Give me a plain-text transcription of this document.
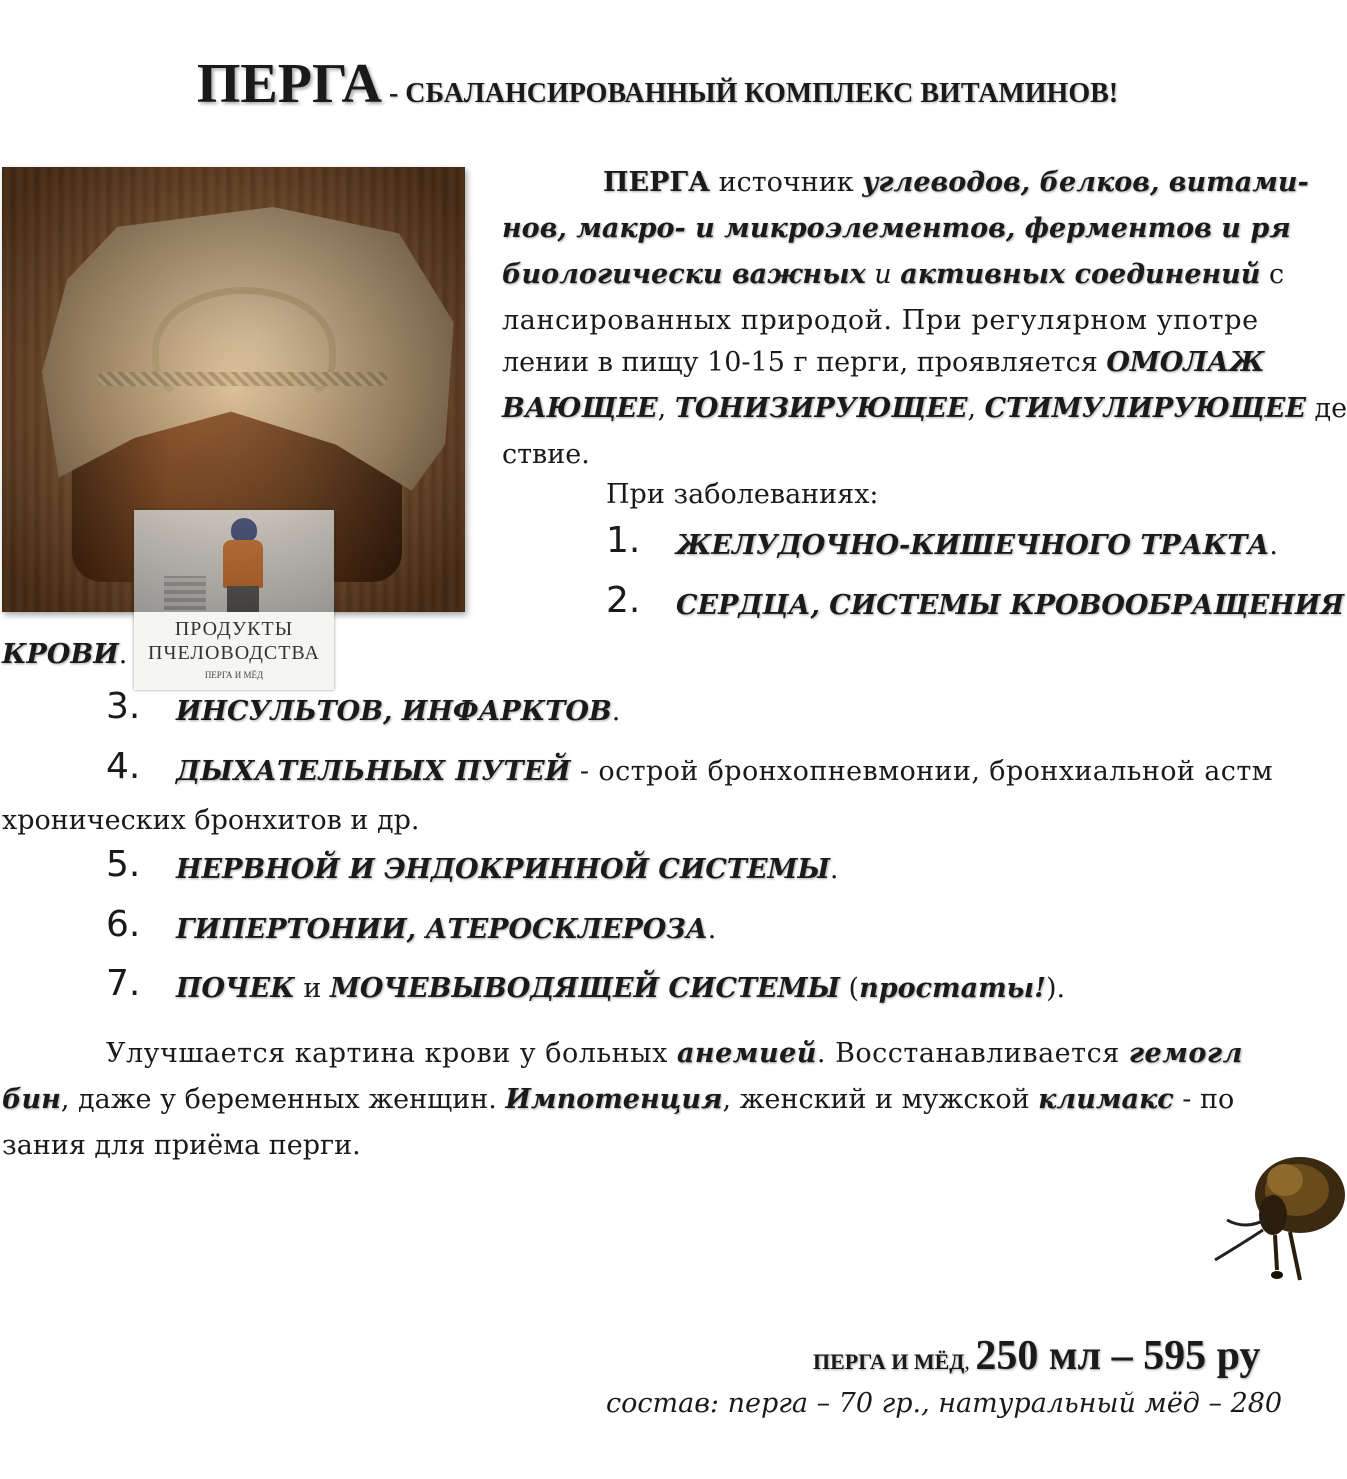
ПЕРГА - СБАЛАНСИРОВАННЫЙ КОМПЛЕКС ВИТАМИНОВ!
ПРОДУКТЫ
ПЧЕЛОВОДСТВА
ПЕРГА И МЁД
ПЕРГА источник углеводов, белков, витами-
нов, макро- и микроэлементов, ферментов и ря
биологически важных и активных соединений с
лансированных природой. При регулярном употре
лении в пищу 10-15 г перги, проявляется ОМОЛАЖ
ВАЮЩЕЕ, ТОНИЗИРУЮЩЕЕ, СТИМУЛИРУЮЩЕЕ де
ствие.
При заболеваниях:
1. ЖЕЛУДОЧНО-КИШЕЧНОГО ТРАКТА.
2. СЕРДЦА, СИСТЕМЫ КРОВООБРАЩЕНИЯ
КРОВИ.
3. ИНСУЛЬТОВ, ИНФАРКТОВ.
4. ДЫХАТЕЛЬНЫХ ПУТЕЙ - острой бронхопневмонии, бронхиальной астм
хронических бронхитов и др.
5. НЕРВНОЙ И ЭНДОКРИННОЙ СИСТЕМЫ.
6. ГИПЕРТОНИИ, АТЕРОСКЛЕРОЗА.
7. ПОЧЕК и МОЧЕВЫВОДЯЩЕЙ СИСТЕМЫ (простаты!).
Улучшается картина крови у больных анемией. Восстанавливается гемогл
бин, даже у беременных женщин. Импотенция, женский и мужской климакс - по
зания для приёма перги.
ПЕРГА И МЁД, 250 мл – 595 ру
состав: перга – 70 гр., натуральный мёд – 280
